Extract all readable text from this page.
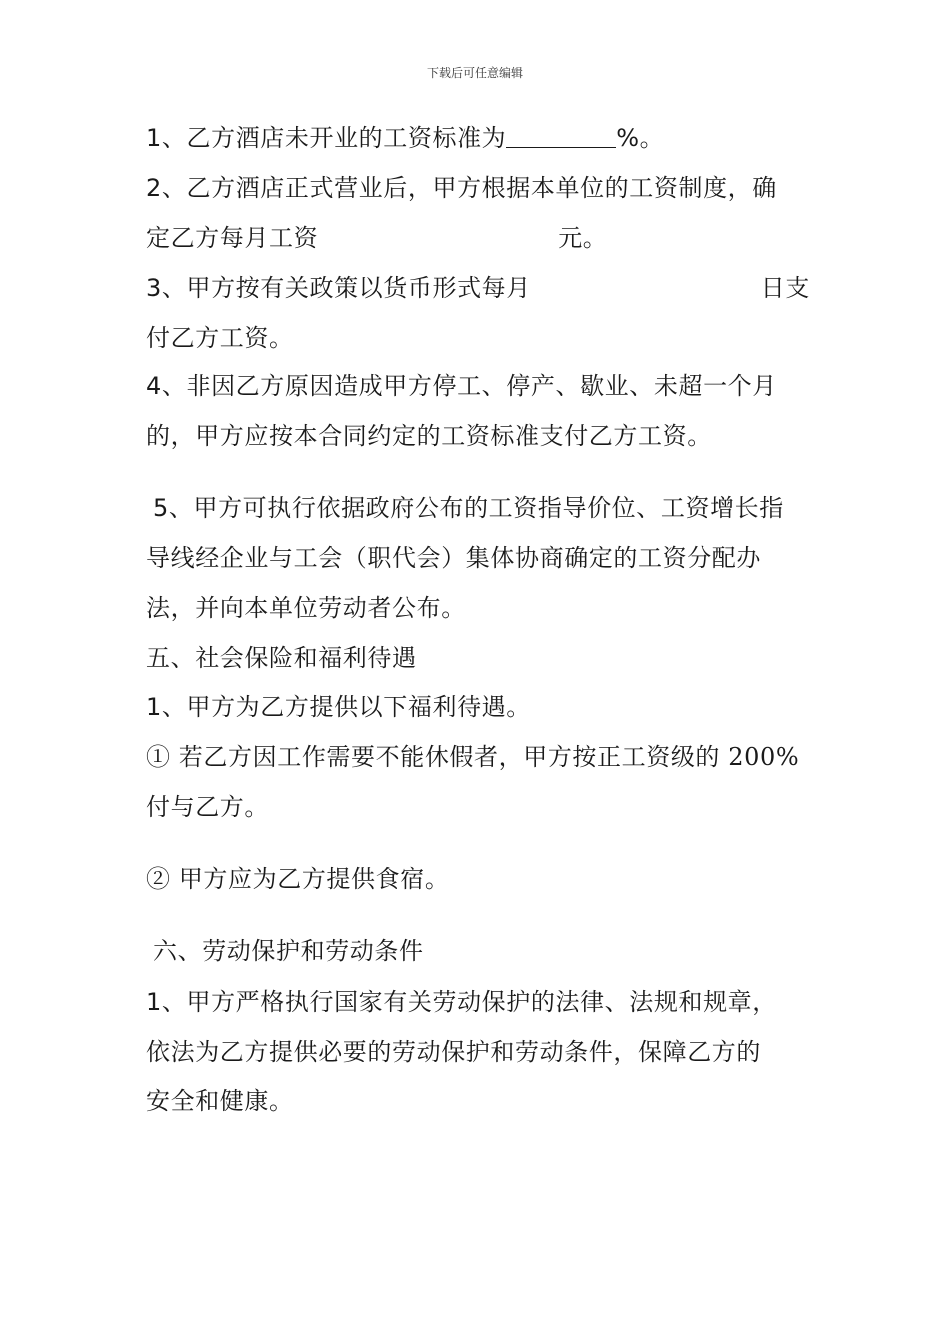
下载后可任意编辑
1、乙方酒店未开业的工资标准为	%。
2、乙方酒店正式营业后，甲方根据本单位的工资制度，确
定乙方每月工资	元。
3、甲方按有关政策以货币形式每月	日支
付乙方工资。
4、非因乙方原因造成甲方停工、停产、歇业、未超一个月
的，甲方应按本合同约定的工资标准支付乙方工资。
5、甲方可执行依据政府公布的工资指导价位、工资增长指
导线经企业与工会（职代会）集体协商确定的工资分配办
法，并向本单位劳动者公布。
五、社会保险和福利待遇
1、甲方为乙方提供以下福利待遇。
① 若乙方因工作需要不能休假者，甲方按正工资级的 200%
付与乙方。
② 甲方应为乙方提供食宿。
六、劳动保护和劳动条件
1、甲方严格执行国家有关劳动保护的法律、法规和规章，
依法为乙方提供必要的劳动保护和劳动条件，保障乙方的
安全和健康。
